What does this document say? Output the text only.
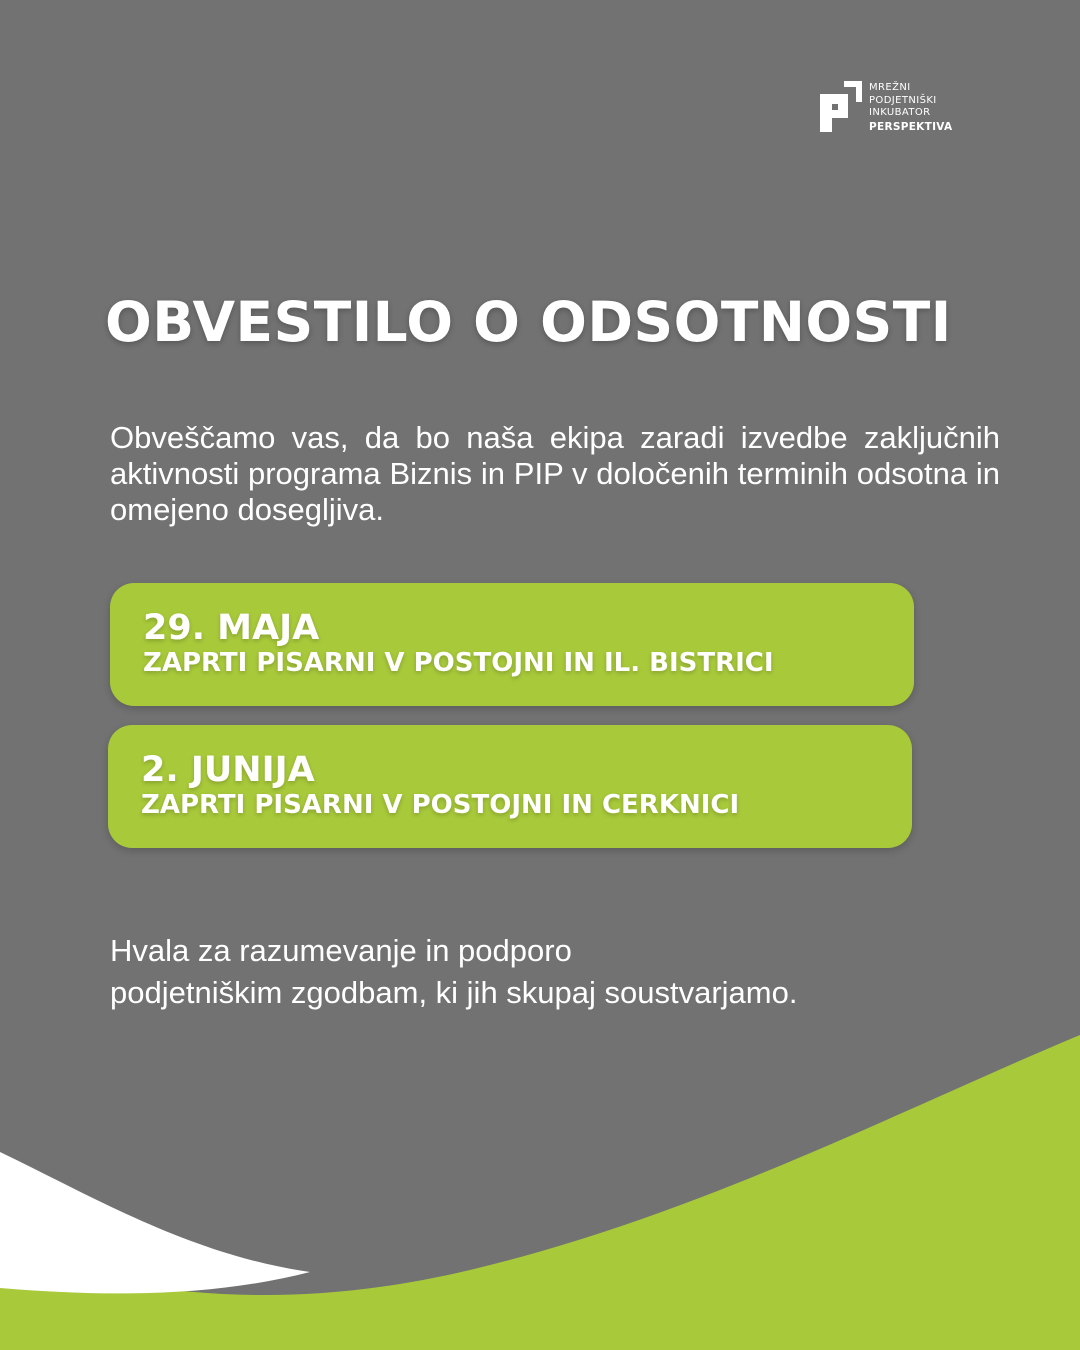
MREŽNI
PODJETNIŠKI
INKUBATOR
PERSPEKTIVA
OBVESTILO O ODSOTNOSTI

Obveščamo vas, da bo naša ekipa zaradi izvedbe zaključnih aktivnosti programa Biznis in PIP v določenih terminih odsotna in omejeno dosegljiva.

29. MAJA
ZAPRTI PISARNI V POSTOJNI IN IL. BISTRICI
2. JUNIJA
ZAPRTI PISARNI V POSTOJNI IN CERKNICI

Hvala za razumevanje in podporo
podjetniškim zgodbam, ki jih skupaj soustvarjamo.
